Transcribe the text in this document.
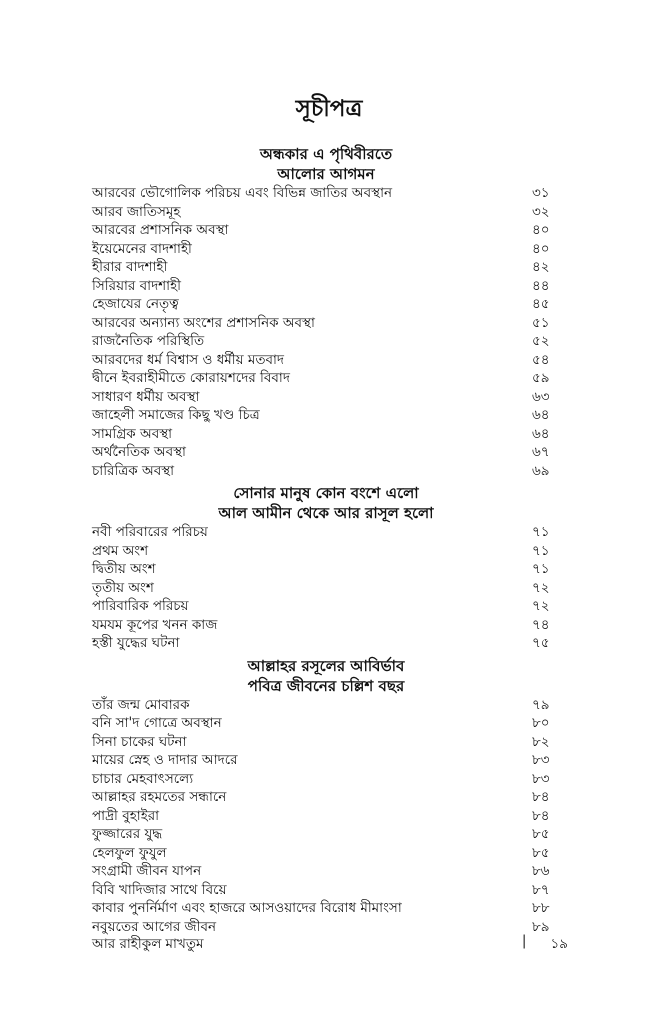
সূচীপত্র
অন্ধকার এ পৃথিবীরতে
আলোর আগমন
আরবের ভৌগোলিক পরিচয় এবং বিভিন্ন জাতির অবস্থান	৩১
আরব জাতিসমূহ	৩২
আরবের প্রশাসনিক অবস্থা	৪০
ইয়েমেনের বাদশাহী	৪০
হীরার বাদশাহী	৪২
সিরিয়ার বাদশাহী	৪৪
হেজাযের নেতৃত্ব	৪৫
আরবের অন্যান্য অংশের প্রশাসনিক অবস্থা	৫১
রাজনৈতিক পরিস্থিতি	৫২
আরবদের ধর্ম বিশ্বাস ও ধর্মীয় মতবাদ	৫৪
দ্বীনে ইবরাহীমীতে কোরায়শদের বিবাদ	৫৯
সাধারণ ধর্মীয় অবস্থা	৬৩
জাহেলী সমাজের কিছু খণ্ড চিত্র	৬৪
সামগ্রিক অবস্থা	৬৪
অর্থনৈতিক অবস্থা	৬৭
চারিত্রিক অবস্থা	৬৯
সোনার মানুষ কোন বংশে এলো
আল আমীন থেকে আর রাসূল হলো
নবী পরিবারের পরিচয়	৭১
প্রথম অংশ	৭১
দ্বিতীয় অংশ	৭১
তৃতীয় অংশ	৭২
পারিবারিক পরিচয়	৭২
যমযম কূপের খনন কাজ	৭৪
হস্তী যুদ্ধের ঘটনা	৭৫
আল্লাহর রসূলের আবির্ভাব
পবিত্র জীবনের চল্লিশ বছর
তাঁর জন্ম মোবারক	৭৯
বনি সা'দ গোত্রে অবস্থান	৮০
সিনা চাকের ঘটনা	৮২
মায়ের স্নেহ ও দাদার আদরে	৮৩
চাচার মেহবাৎসল্যে	৮৩
আল্লাহর রহমতের সন্ধানে	৮৪
পাদ্রী বুহাইরা	৮৪
ফুজ্জারের যুদ্ধ	৮৫
হেলফুল ফুযুল	৮৫
সংগ্রামী জীবন যাপন	৮৬
বিবি খাদিজার সাথে বিয়ে	৮৭
কাবার পুনর্নির্মাণ এবং হাজরে আসওয়াদের বিরোধ মীমাংসা	৮৮
নবুয়তের আগের জীবন	৮৯
আর রাহীকুল মাখতুম	| ১৯
